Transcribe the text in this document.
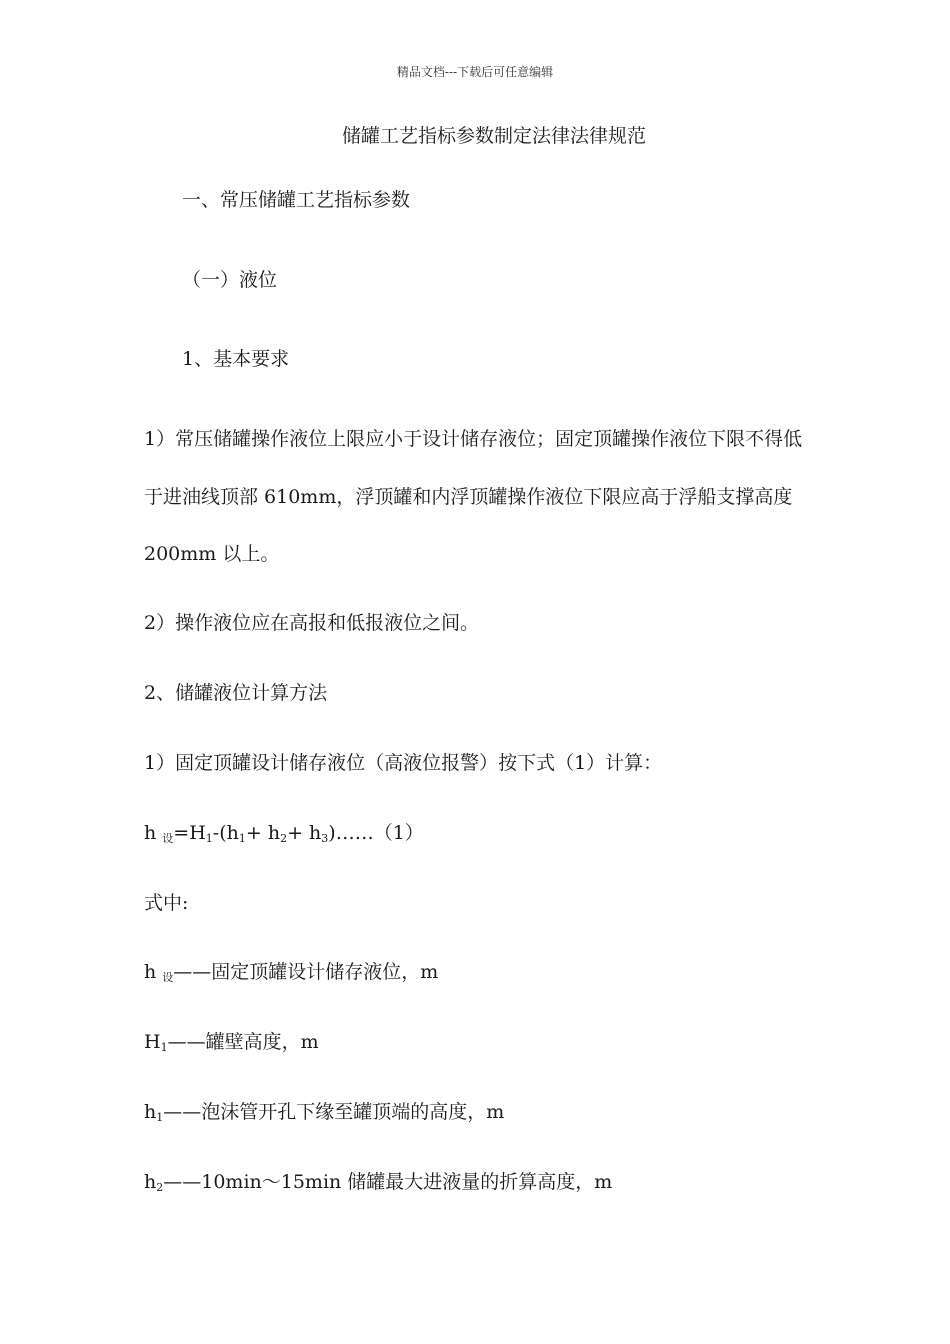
精品文档---下载后可任意编辑
储罐工艺指标参数制定法律法律规范
一、常压储罐工艺指标参数
（一）液位
1、基本要求
1）常压储罐操作液位上限应小于设计储存液位；固定顶罐操作液位下限不得低
于进油线顶部 610mm，浮顶罐和内浮顶罐操作液位下限应高于浮船支撑高度
200mm 以上。
2）操作液位应在高报和低报液位之间。
2、储罐液位计算方法
1）固定顶罐设计储存液位（高液位报警）按下式（1）计算：
h 设$=H_1-(h_1+ h_2+$ $h_3)\dots\dots(1)$
式中:
h 设——固定顶罐设计储存液位，m
$H_1——$罐壁高度，m
$h_1——$泡沫管开孔下缘至罐顶端的高度，m
$h_2——10\min\sim 15\min$ 储罐最大进液量的折算高度，m
